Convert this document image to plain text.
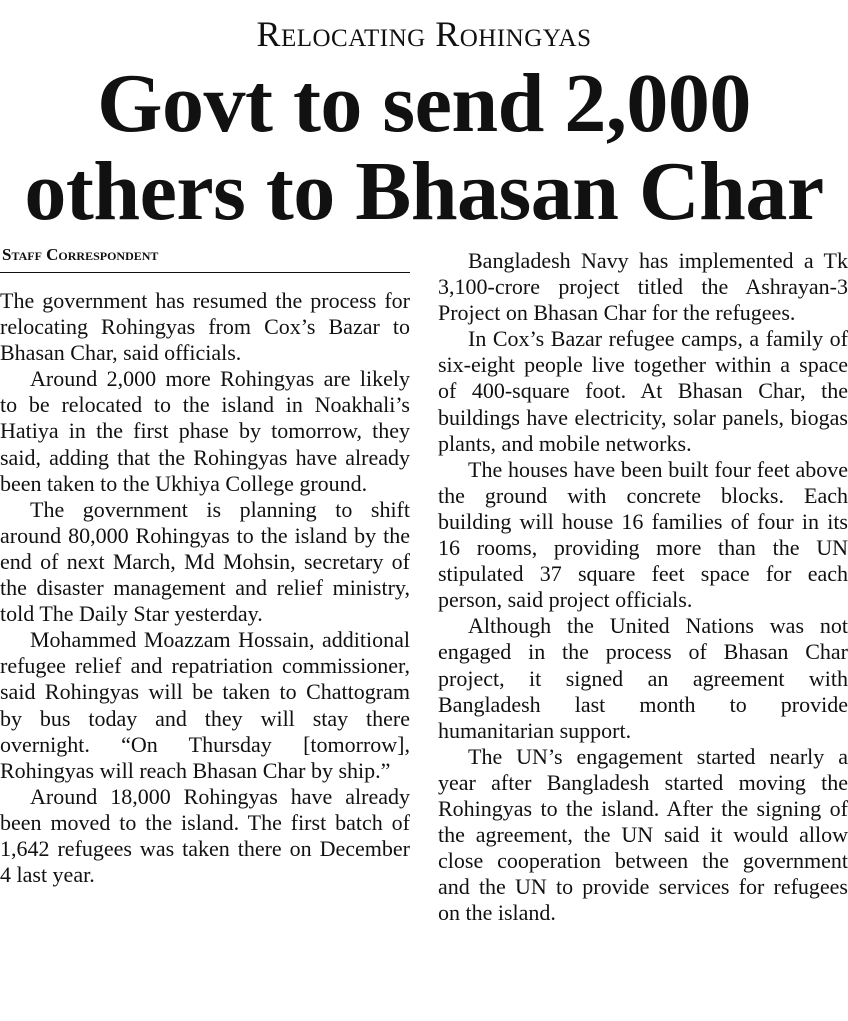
Relocating Rohingyas
Govt to send 2,000
others to Bhasan Char
Staff Correspondent

The government has resumed the process for relocating Rohingyas from Cox’s Bazar to Bhasan Char, said officials.

Around 2,000 more Rohingyas are likely to be relocated to the island in Noakhali’s Hatiya in the first phase by tomorrow, they said, adding that the Rohingyas have already been taken to the Ukhiya College ground.

The government is planning to shift around 80,000 Rohingyas to the island by the end of next March, Md Mohsin, secretary of the disaster management and relief ministry, told The Daily Star yesterday.

Mohammed Moazzam Hossain, additional refugee relief and repatriation commissioner, said Rohingyas will be taken to Chattogram by bus today and they will stay there overnight. “On Thursday [tomorrow], Rohingyas will reach Bhasan Char by ship.”

Around 18,000 Rohingyas have already been moved to the island. The first batch of 1,642 refugees was taken there on December 4 last year.

Bangladesh Navy has implemented a Tk 3,100-crore project titled the Ashrayan-3 Project on Bhasan Char for the refugees.

In Cox’s Bazar refugee camps, a family of six-eight people live together within a space of 400-square foot. At Bhasan Char, the buildings have electricity, solar panels, biogas plants, and mobile networks.

The houses have been built four feet above the ground with concrete blocks. Each building will house 16 families of four in its 16 rooms, providing more than the UN stipulated 37 square feet space for each person, said project officials.

Although the United Nations was not engaged in the process of Bhasan Char project, it signed an agreement with Bangladesh last month to provide humanitarian support.

The UN’s engagement started nearly a year after Bangladesh started moving the Rohingyas to the island. After the signing of the agreement, the UN said it would allow close cooperation between the government and the UN to provide services for refugees on the island.
